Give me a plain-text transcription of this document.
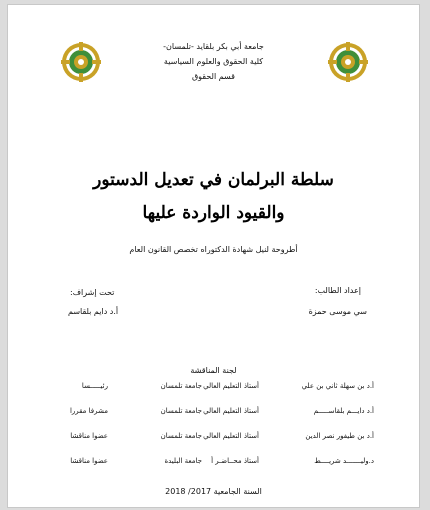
جامعة أبي بكر بلقايد -تلمسان-
كلية الحقوق والعلوم السياسية
قسم الحقوق
سلطة البرلمان في تعديل الدستور
والقيود الواردة عليها
أطروحة لنيل شهادة الدكتوراه تخصص القانون العام
إعداد الطالب:
تحت إشراف:
سي موسى حمزة
أ.د دايم بلقاسم
لجنة المناقشة
أ.د بن سهلة ثاني بن علي
أستاذ التعليم العالي
جامعة تلمسان
رئيـــــسا
أ.د دايـــم بلقاســـــم
أستاذ التعليم العالي
جامعة تلمسان
مشرفا مقررا
أ.د بن طيفور نصر الدين
أستاذ التعليم العالي
جامعة تلمسان
عضوا مناقشا
د.وليـــــــد شريــــط
أستاذ محــاضـر أ
جامعة البليدة
عضوا مناقشا
السنة الجامعية 2017/ 2018
